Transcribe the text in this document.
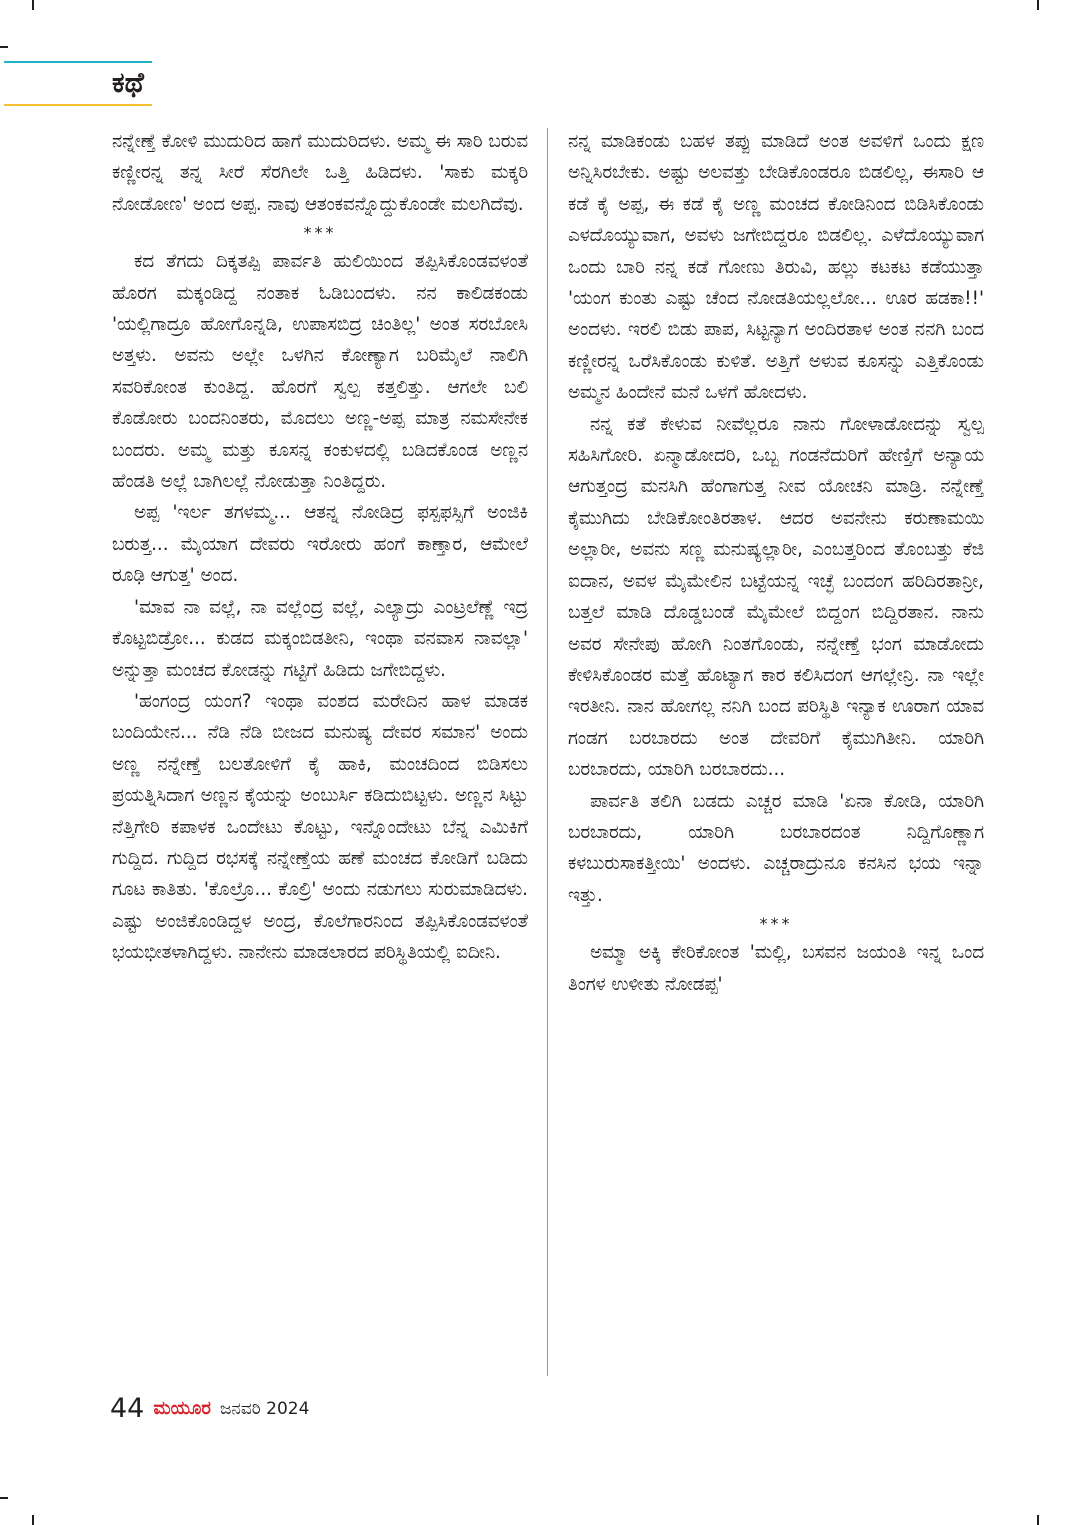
ಕಥೆ

ನನ್ನೇಣ್ತೆ ಕೋಳಿ ಮುದುರಿದ ಹಾಗೆ ಮುದುರಿದಳು. ಅಮ್ಮ ಈ ಸಾರಿ ಬರುವ ಕಣ್ಣೀರನ್ನ ತನ್ನ ಸೀರೆ ಸೆರಗಿಲೇ ಒತ್ತಿ ಹಿಡಿದಳು. 'ಸಾಕು ಮಕ್ಕರಿ ನೋಡೋಣ' ಅಂದ ಅಪ್ಪ. ನಾವು ಆತಂಕವನ್ನೊದ್ದುಕೊಂಡೇ ಮಲಗಿದೆವು.

***

ಕದ ತೆಗದು ದಿಕ್ಕತಪ್ಪಿ ಪಾರ್ವತಿ ಹುಲಿಯಿಂದ ತಪ್ಪಿಸಿಕೊಂಡವಳಂತೆ ಹೊರಗ ಮಕ್ಕಂಡಿದ್ದ ನಂತಾಕ ಓಡಿಬಂದಳು. ನನ ಕಾಲಿಡಕಂಡು 'ಯಲ್ಲಿಗಾದ್ರೂ ಹೋಗೊನ್ನಡಿ, ಉಪಾಸಬಿದ್ರ ಚಿಂತಿಲ್ಲ' ಅಂತ ಸರಬೋಸಿ ಅತ್ತಳು. ಅವನು ಅಲ್ಲೇ ಒಳಗಿನ ಕೋಣ್ಯಾಗ ಬರಿಮೈಲೆ ನಾಲಿಗಿ ಸವರಿಕೋಂತ ಕುಂತಿದ್ದ. ಹೊರಗೆ ಸ್ವಲ್ಪ ಕತ್ತಲಿತ್ತು. ಆಗಲೇ ಬಲಿ ಕೊಡೋರು ಬಂದನಿಂತರು, ಮೊದಲು ಅಣ್ಣ-ಅಪ್ಪ ಮಾತ್ರ ನಮಸೇನೇಕ ಬಂದರು. ಅಮ್ಮ ಮತ್ತು ಕೂಸನ್ನ ಕಂಕುಳದಲ್ಲಿ ಬಡಿದಕೊಂಡ ಅಣ್ಣನ ಹೆಂಡತಿ ಅಲ್ಲೆ ಬಾಗಿಲಲ್ಲೆ ನೋಡುತ್ತಾ ನಿಂತಿದ್ದರು.

ಅಪ್ಪ 'ಇರ್ಲ ತಗಳಮ್ಮ... ಆತನ್ನ ನೋಡಿದ್ರ ಫಸ್ಪಫಸ್ಸಿಗೆ ಅಂಜಿಕಿ ಬರುತ್ತ... ಮೈಯಾಗ ದೇವರು ಇರೋರು ಹಂಗೆ ಕಾಣ್ತಾರ, ಆಮೇಲೆ ರೂಢಿ ಆಗುತ್ತ' ಅಂದ.

'ಮಾವ ನಾ ವಲ್ಲೆ, ನಾ ವಲ್ಲೆಂದ್ರ ವಲ್ಲೆ, ಎಲ್ಯಾದ್ರು ಎಂಟ್ರಲೆಣ್ಣೆ ಇದ್ರ ಕೊಟ್ಟಬಿಡ್ರೋ... ಕುಡದ ಮಕ್ಕಂಬಿಡತೀನಿ, ಇಂಥಾ ವನವಾಸ ನಾವಲ್ಲಾ' ಅನ್ನುತ್ತಾ ಮಂಚದ ಕೋಡನ್ನು ಗಟ್ಟಿಗೆ ಹಿಡಿದು ಜಗೇಬಿದ್ದಳು.

'ಹಂಗಂದ್ರ ಯಂಗ? ಇಂಥಾ ವಂಶದ ಮರೇದಿನ ಹಾಳ ಮಾಡಕ ಬಂದಿಯೇನ... ನೆಡಿ ನೆಡಿ ಬೀಜದ ಮನುಷ್ಯ ದೇವರ ಸಮಾನ' ಅಂದು ಅಣ್ಣ ನನ್ನೇಣ್ತೆ ಬಲತೋಳಿಗೆ ಕೈ ಹಾಕಿ, ಮಂಚದಿಂದ ಬಿಡಿಸಲು ಪ್ರಯತ್ನಿಸಿದಾಗ ಅಣ್ಣನ ಕೈಯನ್ನು ಅಂಬುರ್ಸಿ ಕಡಿದುಬಿಟ್ಟಳು. ಅಣ್ಣನ ಸಿಟ್ಟು ನೆತ್ತಿಗೇರಿ ಕಪಾಳಕ ಒಂದೇಟು ಕೊಟ್ಟು, ಇನ್ನೊಂದೇಟು ಬೆನ್ನ ಎಮಿಕಿಗೆ ಗುದ್ದಿದ. ಗುದ್ದಿದ ರಭಸಕ್ಕೆ ನನ್ನೇಣ್ತೆಯ ಹಣೆ ಮಂಚದ ಕೋಡಿಗೆ ಬಡಿದು ಗೂಟ ಕಾತಿತು. 'ಕೊಲ್ರೊ... ಕೊಲ್ರಿ' ಅಂದು ನಡುಗಲು ಸುರುಮಾಡಿದಳು. ಎಷ್ಟು ಅಂಜಿಕೊಂಡಿದ್ದಳ ಅಂದ್ರ, ಕೊಲೆಗಾರನಿಂದ ತಪ್ಪಿಸಿಕೊಂಡವಳಂತೆ ಭಯಭೀತಳಾಗಿದ್ದಳು. ನಾನೇನು ಮಾಡಲಾರದ ಪರಿಸ್ಥಿತಿಯಲ್ಲಿ ಐದೀನಿ.

ನನ್ನ ಮಾಡಿಕಂಡು ಬಹಳ ತಪ್ಪು ಮಾಡಿದೆ ಅಂತ ಅವಳಿಗೆ ಒಂದು ಕ್ಷಣ ಅನ್ನಿಸಿರಬೇಕು. ಅಷ್ಟು ಅಲವತ್ತು ಬೇಡಿಕೊಂಡರೂ ಬಿಡಲಿಲ್ಲ, ಈಸಾರಿ ಆ ಕಡೆ ಕೈ ಅಪ್ಪ, ಈ ಕಡೆ ಕೈ ಅಣ್ಣ ಮಂಚದ ಕೋಡಿನಿಂದ ಬಿಡಿಸಿಕೊಂಡು ಎಳದೊಯ್ಯುವಾಗ, ಅವಳು ಜಗೇಬಿದ್ದರೂ ಬಿಡಲಿಲ್ಲ. ಎಳೆದೊಯ್ಯುವಾಗ ಒಂದು ಬಾರಿ ನನ್ನ ಕಡೆ ಗೋಣು ತಿರುವಿ, ಹಲ್ಲು ಕಟಕಟ ಕಡೆಯುತ್ತಾ 'ಯಂಗ ಕುಂತು ಎಷ್ಟು ಚೆಂದ ನೋಡತಿಯಲ್ಲಲೋ... ಊರ ಹಡಕಾ!!' ಅಂದಳು. ಇರಲಿ ಬಿಡು ಪಾಪ, ಸಿಟ್ಟನ್ಯಾಗ ಅಂದಿರತಾಳ ಅಂತ ನನಗಿ ಬಂದ ಕಣ್ಣೀರನ್ನ ಒರೆಸಿಕೊಂಡು ಕುಳಿತೆ. ಅತ್ತಿಗೆ ಅಳುವ ಕೂಸನ್ನು ಎತ್ತಿಕೊಂಡು ಅಮ್ಮನ ಹಿಂದೇನೆ ಮನೆ ಒಳಗೆ ಹೋದಳು.

ನನ್ನ ಕತೆ ಕೇಳುವ ನೀವೆಲ್ಲರೂ ನಾನು ಗೋಳಾಡೋದನ್ನು ಸ್ವಲ್ಪ ಸಹಿಸಿಗೋರಿ. ಏನ್ಮಾಡೋದರಿ, ಒಬ್ಬ ಗಂಡನೆದುರಿಗೆ ಹೇಣ್ತಿಗೆ ಅನ್ಯಾಯ ಆಗುತ್ತಂದ್ರ ಮನಸಿಗಿ ಹೆಂಗಾಗುತ್ತ ನೀವ ಯೋಚನಿ ಮಾಡ್ರಿ. ನನ್ನೇಣ್ತೆ ಕೈಮುಗಿದು ಬೇಡಿಕೋಂತಿರತಾಳ. ಆದರ ಅವನೇನು ಕರುಣಾಮಯಿ ಅಲ್ಲಾರೀ, ಅವನು ಸಣ್ಣ ಮನುಷ್ಯಲ್ಲಾರೀ, ಎಂಬತ್ತರಿಂದ ತೊಂಬತ್ತು ಕೆಜಿ ಐದಾನ, ಅವಳ ಮೈಮೇಲಿನ ಬಟ್ಟೆಯನ್ನ ಇಚ್ಛೆ ಬಂದಂಗ ಹರಿದಿರತಾನ್ರೀ, ಬತ್ತಲೆ ಮಾಡಿ ದೊಡ್ಡಬಂಡೆ ಮೈಮೇಲೆ ಬಿದ್ದಂಗ ಬಿದ್ದಿರತಾನ. ನಾನು ಅವರ ಸೇನೇಪು ಹೋಗಿ ನಿಂತಗೊಂಡು, ನನ್ನೇಣ್ತೆ ಭಂಗ ಮಾಡೋದು ಕೇಳಿಸಿಕೊಂಡರ ಮತ್ತೆ ಹೊಟ್ಯಾಗ ಕಾರ ಕಲಿಸಿದಂಗ ಆಗಲ್ಲೇನ್ರಿ. ನಾ ಇಲ್ಲೇ ಇರತೀನಿ. ನಾನ ಹೋಗಲ್ಲ ನನಿಗಿ ಬಂದ ಪರಿಸ್ಥಿತಿ ಇನ್ಯಾಕ ಊರಾಗ ಯಾವ ಗಂಡಗ ಬರಬಾರದು ಅಂತ ದೇವರಿಗೆ ಕೈಮುಗಿತೀನಿ. ಯಾರಿಗಿ ಬರಬಾರದು, ಯಾರಿಗಿ ಬರಬಾರದು...

ಪಾರ್ವತಿ ತಲಿಗಿ ಬಡದು ಎಚ್ಚರ ಮಾಡಿ 'ಏನಾ ಕೋಡಿ, ಯಾರಿಗಿ ಬರಬಾರದು, ಯಾರಿಗಿ ಬರಬಾರದಂತ ನಿದ್ದಿಗೊಣ್ಣಾಗ ಕಳಬುರುಸಾಕತ್ತೀಯಿ' ಅಂದಳು. ಎಚ್ಚರಾದ್ರುನೂ ಕನಸಿನ ಭಯ ಇನ್ನಾ ಇತ್ತು.

***

ಅಮ್ಮಾ ಅಕ್ಕಿ ಕೇರಿಕೋಂತ 'ಮಲ್ಲಿ, ಬಸವನ ಜಯಂತಿ ಇನ್ನ ಒಂದ ತಿಂಗಳ ಉಳೀತು ನೋಡಪ್ಪ'

44 ಮಯೂರ ಜನವರಿ 2024
